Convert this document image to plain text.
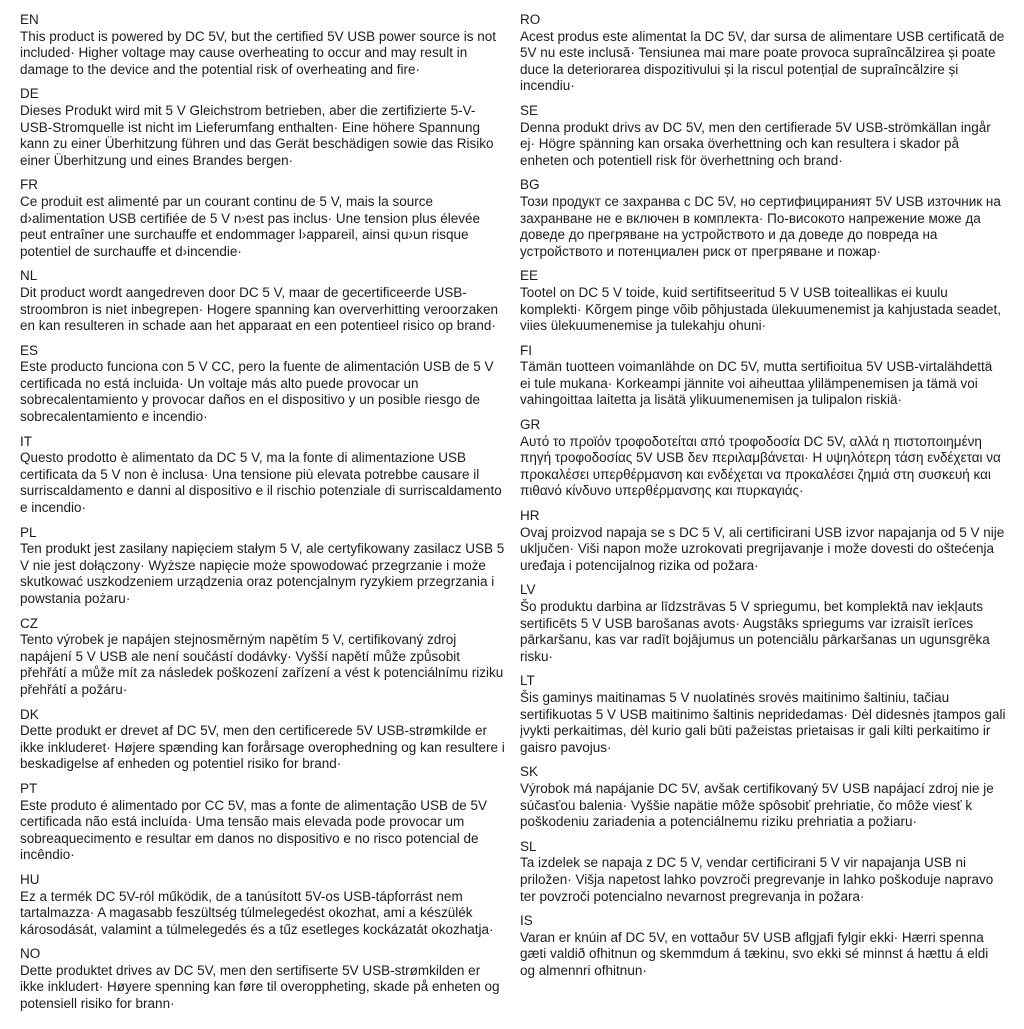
EN

This product is powered by DC 5V, but the certified 5V USB power source is not included· Higher voltage may cause overheating to occur and may result in damage to the device and the potential risk of overheating and fire·

DE

Dieses Produkt wird mit 5 V Gleichstrom betrieben, aber die zertifizierte 5-V-USB-Stromquelle ist nicht im Lieferumfang enthalten· Eine höhere Spannung kann zu einer Überhitzung führen und das Gerät beschädigen sowie das Risiko einer Überhitzung und eines Brandes bergen·

FR

Ce produit est alimenté par un courant continu de 5 V, mais la source d›alimentation USB certifiée de 5 V n›est pas inclus· Une tension plus élevée peut entraîner une surchauffe et endommager l›appareil, ainsi qu›un risque potentiel de surchauffe et d›incendie·

NL

Dit product wordt aangedreven door DC 5 V, maar de gecertificeerde USB-stroombron is niet inbegrepen· Hogere spanning kan oververhitting veroorzaken en kan resulteren in schade aan het apparaat en een potentieel risico op brand·

ES

Este producto funciona con 5 V CC, pero la fuente de alimentación USB de 5 V certificada no está incluida· Un voltaje más alto puede provocar un sobrecalentamiento y provocar daños en el dispositivo y un posible riesgo de sobrecalentamiento e incendio·

IT

Questo prodotto è alimentato da DC 5 V, ma la fonte di alimentazione USB certificata da 5 V non è inclusa· Una tensione più elevata potrebbe causare il surriscaldamento e danni al dispositivo e il rischio potenziale di surriscaldamento e incendio·

PL

Ten produkt jest zasilany napięciem stałym 5 V, ale certyfikowany zasilacz USB 5 V nie jest dołączony· Wyższe napięcie może spowodować przegrzanie i może skutkować uszkodzeniem urządzenia oraz potencjalnym ryzykiem przegrzania i powstania pożaru·

CZ

Tento výrobek je napájen stejnosměrným napětím 5 V, certifikovaný zdroj napájení 5 V USB ale není součástí dodávky· Vyšší napětí může způsobit přehřátí a může mít za následek poškození zařízení a vést k potenciálnímu riziku přehřátí a požáru·

DK

Dette produkt er drevet af DC 5V, men den certificerede 5V USB-strømkilde er ikke inkluderet· Højere spænding kan forårsage overophedning og kan resultere i beskadigelse af enheden og potentiel risiko for brand·

PT

Este produto é alimentado por CC 5V, mas a fonte de alimentação USB de 5V certificada não está incluída· Uma tensão mais elevada pode provocar um sobreaquecimento e resultar em danos no dispositivo e no risco potencial de incêndio·

HU

Ez a termék DC 5V-ról működik, de a tanúsított 5V-os USB-tápforrást nem tartalmazza· A magasabb feszültség túlmelegedést okozhat, ami a készülék károsodását, valamint a túlmelegedés és a tűz esetleges kockázatát okozhatja·

NO

Dette produktet drives av DC 5V, men den sertifiserte 5V USB-strømkilden er ikke inkludert· Høyere spenning kan føre til overoppheting, skade på enheten og potensiell risiko for brann·

RO

Acest produs este alimentat la DC 5V, dar sursa de alimentare USB certificată de 5V nu este inclusă· Tensiunea mai mare poate provoca supraîncălzirea și poate duce la deteriorarea dispozitivului și la riscul potențial de supraîncălzire și incendiu·

SE

Denna produkt drivs av DC 5V, men den certifierade 5V USB-strömkällan ingår ej· Högre spänning kan orsaka överhettning och kan resultera i skador på enheten och potentiell risk för överhettning och brand·

BG

Този продукт се захранва с DC 5V, но сертифицираният 5V USB източник на захранване не е включен в комплекта· По-високото напрежение може да доведе до прегряване на устройството и да доведе до повреда на устройството и потенциален риск от прегряване и пожар·

EE

Tootel on DC 5 V toide, kuid sertifitseeritud 5 V USB toiteallikas ei kuulu komplekti· Kõrgem pinge võib põhjustada ülekuumenemist ja kahjustada seadet, viies ülekuumenemise ja tulekahju ohuni·

FI

Tämän tuotteen voimanlähde on DC 5V, mutta sertifioitua 5V USB-virtalähdettä ei tule mukana· Korkeampi jännite voi aiheuttaa ylilämpenemisen ja tämä voi vahingoittaa laitetta ja lisätä ylikuumenemisen ja tulipalon riskiä·

GR

Αυτό το προϊόν τροφοδοτείται από τροφοδοσία DC 5V, αλλά η πιστοποιημένη πηγή τροφοδοσίας 5V USB δεν περιλαμβάνεται· Η υψηλότερη τάση ενδέχεται να προκαλέσει υπερθέρμανση και ενδέχεται να προκαλέσει ζημιά στη συσκευή και πιθανό κίνδυνο υπερθέρμανσης και πυρκαγιάς·

HR

Ovaj proizvod napaja se s DC 5 V, ali certificirani USB izvor napajanja od 5 V nije uključen· Viši napon može uzrokovati pregrijavanje i može dovesti do oštećenja uređaja i potencijalnog rizika od požara·

LV

Šo produktu darbina ar līdzstrāvas 5 V spriegumu, bet komplektā nav iekļauts sertificēts 5 V USB barošanas avots· Augstāks spriegums var izraisīt ierīces pārkaršanu, kas var radīt bojājumus un potenciālu pārkaršanas un ugunsgrēka risku·

LT

Šis gaminys maitinamas 5 V nuolatinės srovės maitinimo šaltiniu, tačiau sertifikuotas 5 V USB maitinimo šaltinis nepridedamas· Dėl didesnės įtampos gali įvykti perkaitimas, dėl kurio gali būti pažeistas prietaisas ir gali kilti perkaitimo ir gaisro pavojus·

SK

Výrobok má napájanie DC 5V, avšak certifikovaný 5V USB napájací zdroj nie je súčasťou balenia· Vyššie napätie môže spôsobiť prehriatie, čo môže viesť k poškodeniu zariadenia a potenciálnemu riziku prehriatia a požiaru·

SL

Ta izdelek se napaja z DC 5 V, vendar certificirani 5 V vir napajanja USB ni priložen· Višja napetost lahko povzroči pregrevanje in lahko poškoduje napravo ter povzroči potencialno nevarnost pregrevanja in požara·

IS

Varan er knúin af DC 5V, en vottaður 5V USB aflgjafi fylgir ekki· Hærri spenna gæti valdið ofhitnun og skemmdum á tækinu, svo ekki sé minnst á hættu á eldi og almennri ofhitnun·
